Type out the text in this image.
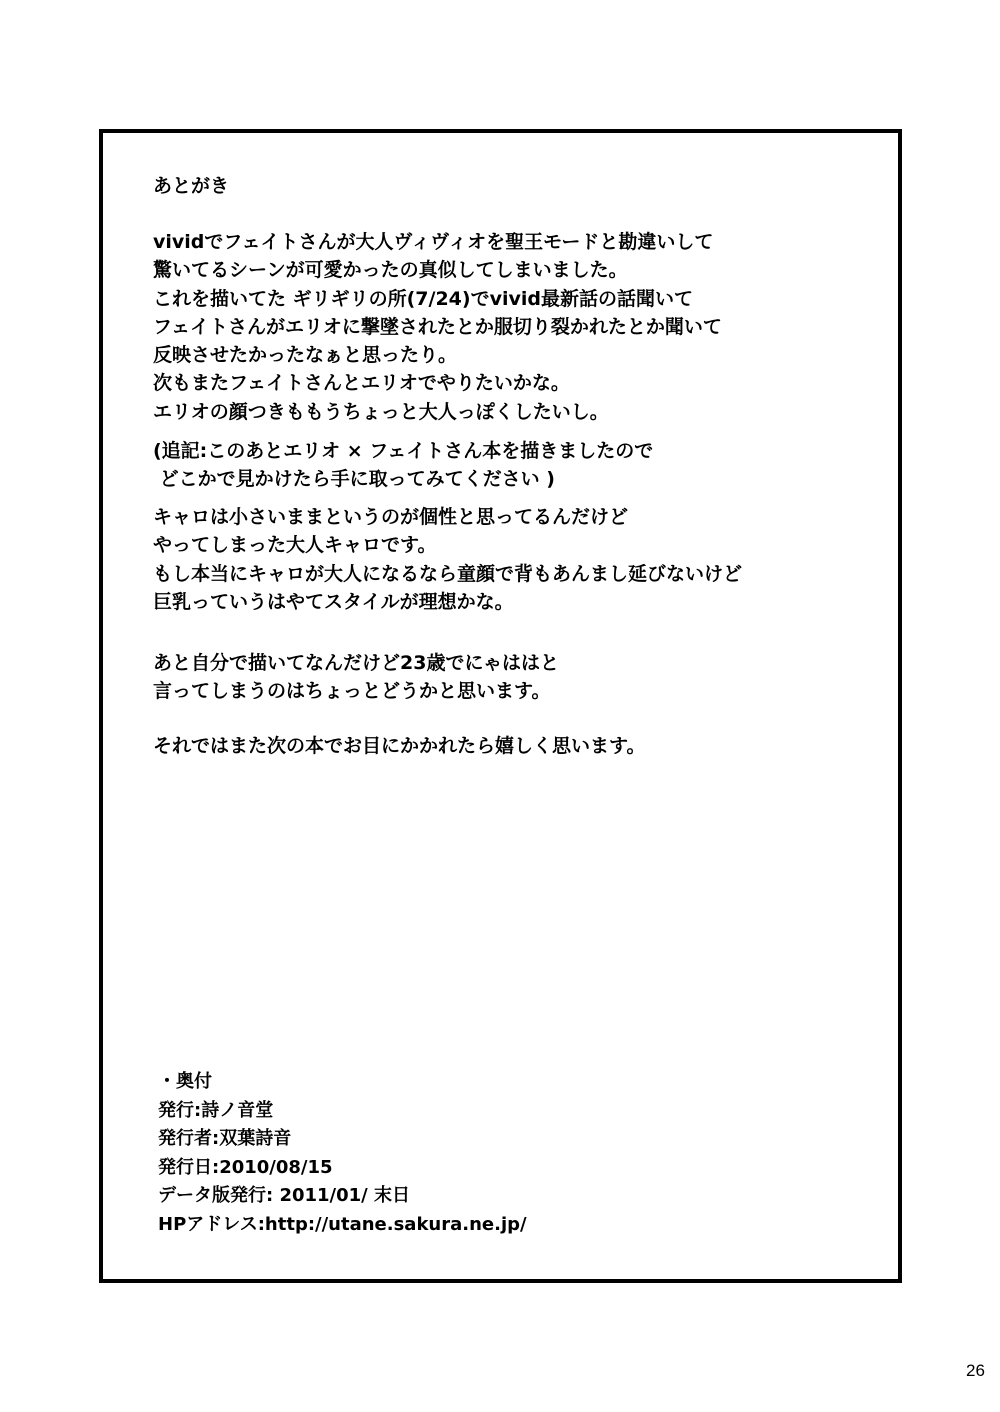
あとがき
vividでフェイトさんが大人ヴィヴィオを聖王モードと勘違いして
驚いてるシーンが可愛かったの真似してしまいました。
これを描いてた ギリギリの所(7/24)でvivid最新話の話聞いて
フェイトさんがエリオに撃墜されたとか服切り裂かれたとか聞いて
反映させたかったなぁと思ったり。
次もまたフェイトさんとエリオでやりたいかな。
エリオの顔つきももうちょっと大人っぽくしたいし。
(追記:このあとエリオ × フェイトさん本を描きましたので
どこかで見かけたら手に取ってみてください )
キャロは小さいままというのが個性と思ってるんだけど
やってしまった大人キャロです。
もし本当にキャロが大人になるなら童顔で背もあんまし延びないけど
巨乳っていうはやてスタイルが理想かな。
あと自分で描いてなんだけど23歳でにゃははと
言ってしまうのはちょっとどうかと思います。
それではまた次の本でお目にかかれたら嬉しく思います。
・奥付
発行:詩ノ音堂
発行者:双葉詩音
発行日:2010/08/15
データ版発行: 2011/01/ 末日
HPアドレス:http://utane.sakura.ne.jp/
26
